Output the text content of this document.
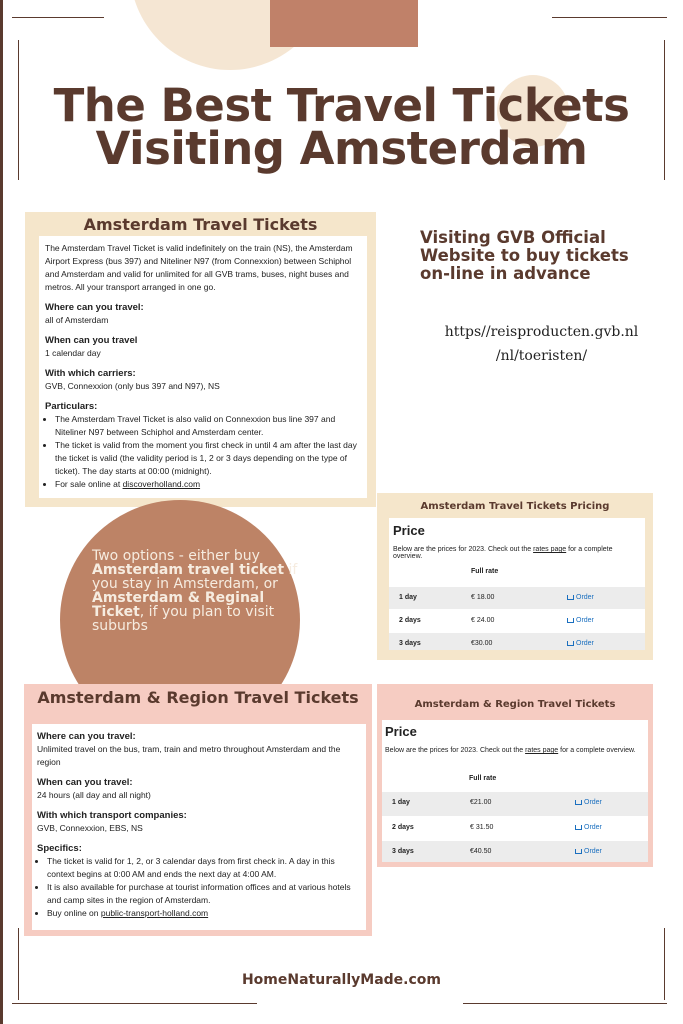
The Best Travel Tickets
Visiting Amsterdam
Amsterdam Travel Tickets
The Amsterdam Travel Ticket is valid indefinitely on the train (NS), the Amsterdam Airport Express (bus 397) and Niteliner N97 (from Connexxion) between Schiphol and Amsterdam and valid for unlimited for all GVB trams, buses, night buses and metros. All your transport arranged in one go.
Where can you travel:
all of Amsterdam
When can you travel
1 calendar day
With which carriers:
GVB, Connexxion (only bus 397 and N97), NS
Particulars:
• The Amsterdam Travel Ticket is also valid on Connexxion bus line 397 and Niteliner N97 between Schiphol and Amsterdam center.
• The ticket is valid from the moment you first check in until 4 am after the last day the ticket is valid (the validity period is 1, 2 or 3 days depending on the type of ticket). The day starts at 00:00 (midnight).
• For sale online at discoverholland.com
Visiting GVB Official Website to buy tickets on-line in advance
https//reisproducten.gvb.nl
/nl/toeristen/
Amsterdam Travel Tickets Pricing
Price
Below are the prices for 2023. Check out the rates page for a complete overview.
Full rate
1 day	€ 18.00	Order
2 days	€ 24.00	Order
3 days	€30.00	Order
Two options - either buy Amsterdam travel ticket if you stay in Amsterdam, or Amsterdam & Reginal Ticket, if you plan to visit suburbs
Amsterdam & Region Travel Tickets
Where can you travel:
Unlimited travel on the bus, tram, train and metro throughout Amsterdam and the region
When can you travel:
24 hours (all day and all night)
With which transport companies:
GVB, Connexxion, EBS, NS
Specifics:
• The ticket is valid for 1, 2, or 3 calendar days from first check in. A day in this context begins at 0:00 AM and ends the next day at 4:00 AM.
• It is also available for purchase at tourist information offices and at various hotels and camp sites in the region of Amsterdam.
• Buy online on public-transport-holland.com
Amsterdam & Region Travel Tickets
Price
Below are the prices for 2023. Check out the rates page for a complete overview.
Full rate
1 day	€21.00	Order
2 days	€ 31.50	Order
3 days	€40.50	Order
HomeNaturallyMade.com
